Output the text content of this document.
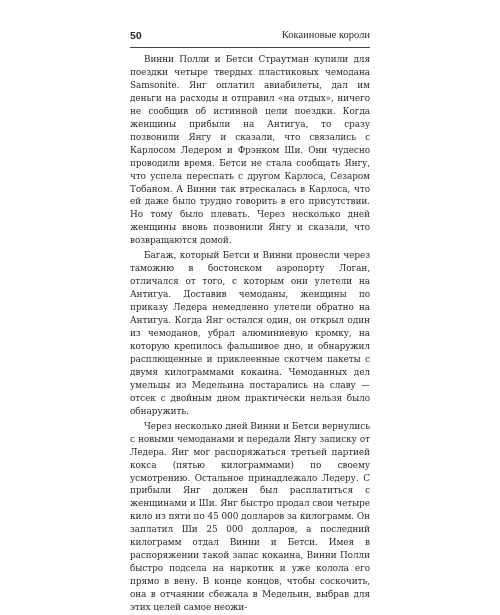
50	Кокаиновые короли

Винни Полли и Бетси Страутман купили для поездки четыре твердых пластиковых чемодана Samsonite. Янг оплатил авиабилеты, дал им деньги на расходы и отправил «на отдых», ничего не сообщив об истинной цели поездки. Когда женщины прибыли на Антигуа, то сразу позвонили Янгу и сказали, что связались с Карлосом Ледером и Фрэнком Ши. Они чудесно проводили время. Бетси не стала сообщать Янгу, что успела переспать с другом Карлоса, Сезаром Тобаном. А Винни так втрескалась в Карлоса, что ей даже было трудно говорить в его присутствии. Но тому было плевать. Через несколько дней женщины вновь позвонили Янгу и сказали, что возвращаются домой.

Багаж, который Бетси и Винни пронесли через таможню в бостонском аэропорту Логан, отличался от того, с которым они улетели на Антигуа. Доставив чемоданы, женщины по приказу Ледера немедленно улетели обратно на Антигуа. Когда Янг остался один, он открыл один из чемоданов, убрал алюминиевую кромку, на которую крепилось фальшивое дно, и обнаружил расплющенные и приклеенные скотчем пакеты с двумя килограммами кокаина. Чемоданных дел умельцы из Медельина постарались на славу — отсек с двойным дном практически нельзя было обнаружить.

Через несколько дней Винни и Бетси вернулись с новыми чемоданами и передали Янгу записку от Ледера. Янг мог распоряжаться третьей партией кокса (пятью килограммами) по своему усмотрению. Остальное принадлежало Ледеру. С прибыли Янг должен был расплатиться с женщинами и Ши. Янг быстро продал свои четыре кило из пяти по 45 000 долларов за килограмм. Он заплатил Ши 25 000 долларов, а последний килограмм отдал Винни и Бетси. Имея в распоряжении такой запас кокаина, Винни Полли быстро подсела на наркотик и уже колола его прямо в вену. В конце концов, чтобы соскочить, она в отчаянии сбежала в Медельин, выбрав для этих целей самое неожи-
